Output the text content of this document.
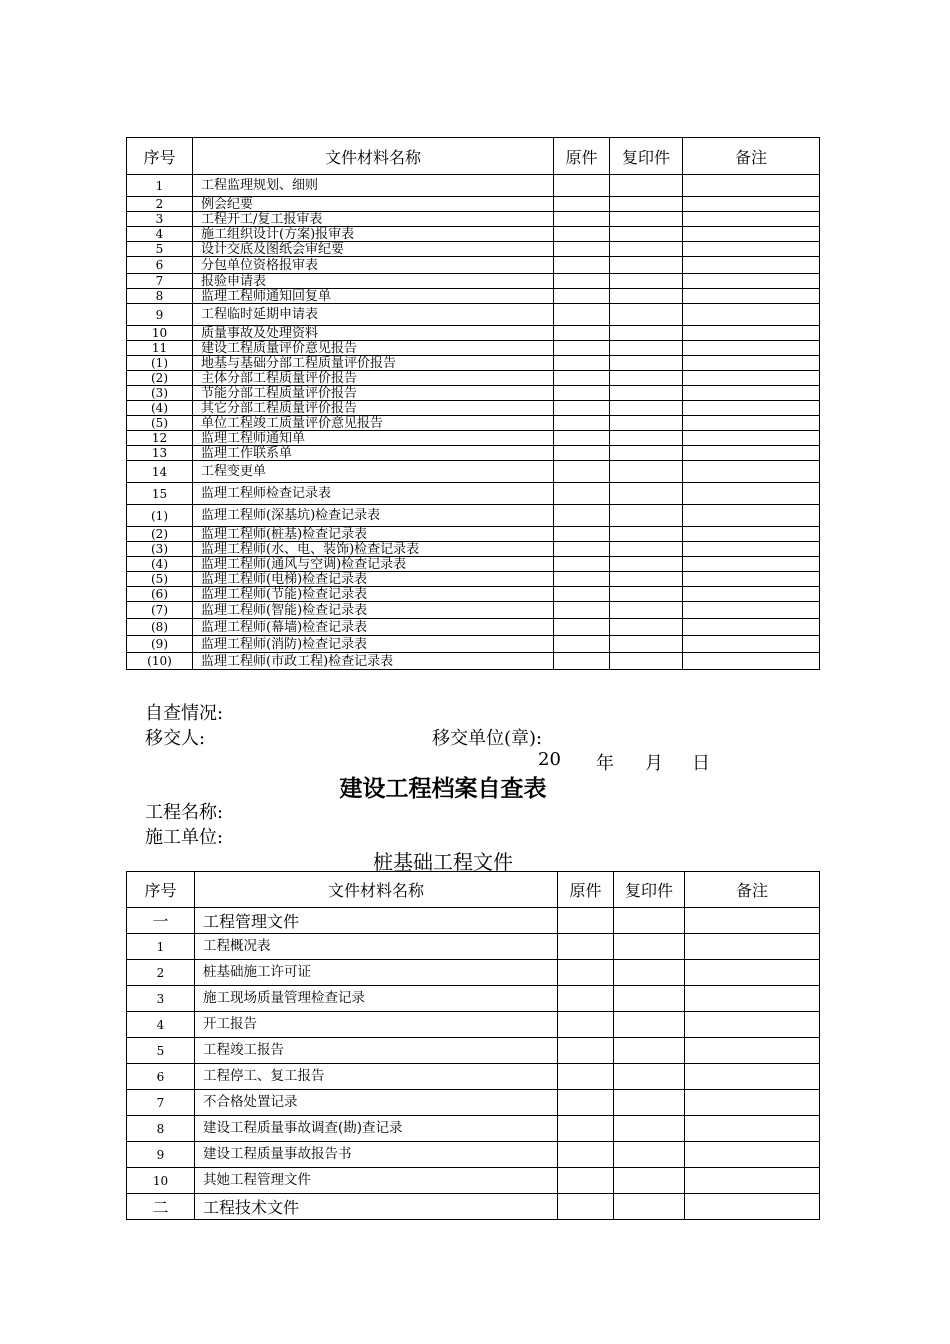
序号	文件材料名称	原件	复印件	备注
1	工程监理规划、细则			
2	例会纪要			
3	工程开工/复工报审表			
4	施工组织设计(方案)报审表			
5	设计交底及图纸会审纪要			
6	分包单位资格报审表			
7	报验申请表			
8	监理工程师通知回复单			
9	工程临时延期申请表			
10	质量事故及处理资料			
11	建设工程质量评价意见报告			
(1)	地基与基础分部工程质量评价报告			
(2)	主体分部工程质量评价报告			
(3)	节能分部工程质量评价报告			
(4)	其它分部工程质量评价报告			
(5)	单位工程竣工质量评价意见报告			
12	监理工程师通知单			
13	监理工作联系单			
14	工程变更单			
15	监理工程师检查记录表			
(1)	监理工程师(深基坑)检查记录表			
(2)	监理工程师(桩基)检查记录表			
(3)	监理工程师(水、电、装饰)检查记录表			
(4)	监理工程师(通风与空调)检查记录表			
(5)	监理工程师(电梯)检查记录表			
(6)	监理工程师(节能)检查记录表			
(7)	监理工程师(智能)检查记录表			
(8)	监理工程师(幕墙)检查记录表			
(9)	监理工程师(消防)检查记录表			
(10)	监理工程师(市政工程)检查记录表			
自查情况:
移交人:	移交单位(章):
20 年 月 日
建设工程档案自查表
工程名称:
施工单位:
桩基础工程文件
序号	文件材料名称	原件	复印件	备注
一	工程管理文件			
1	工程概况表			
2	桩基础施工许可证			
3	施工现场质量管理检查记录			
4	开工报告			
5	工程竣工报告			
6	工程停工、复工报告			
7	不合格处置记录			
8	建设工程质量事故调查(勘)查记录			
9	建设工程质量事故报告书			
10	其她工程管理文件			
二	工程技术文件			
